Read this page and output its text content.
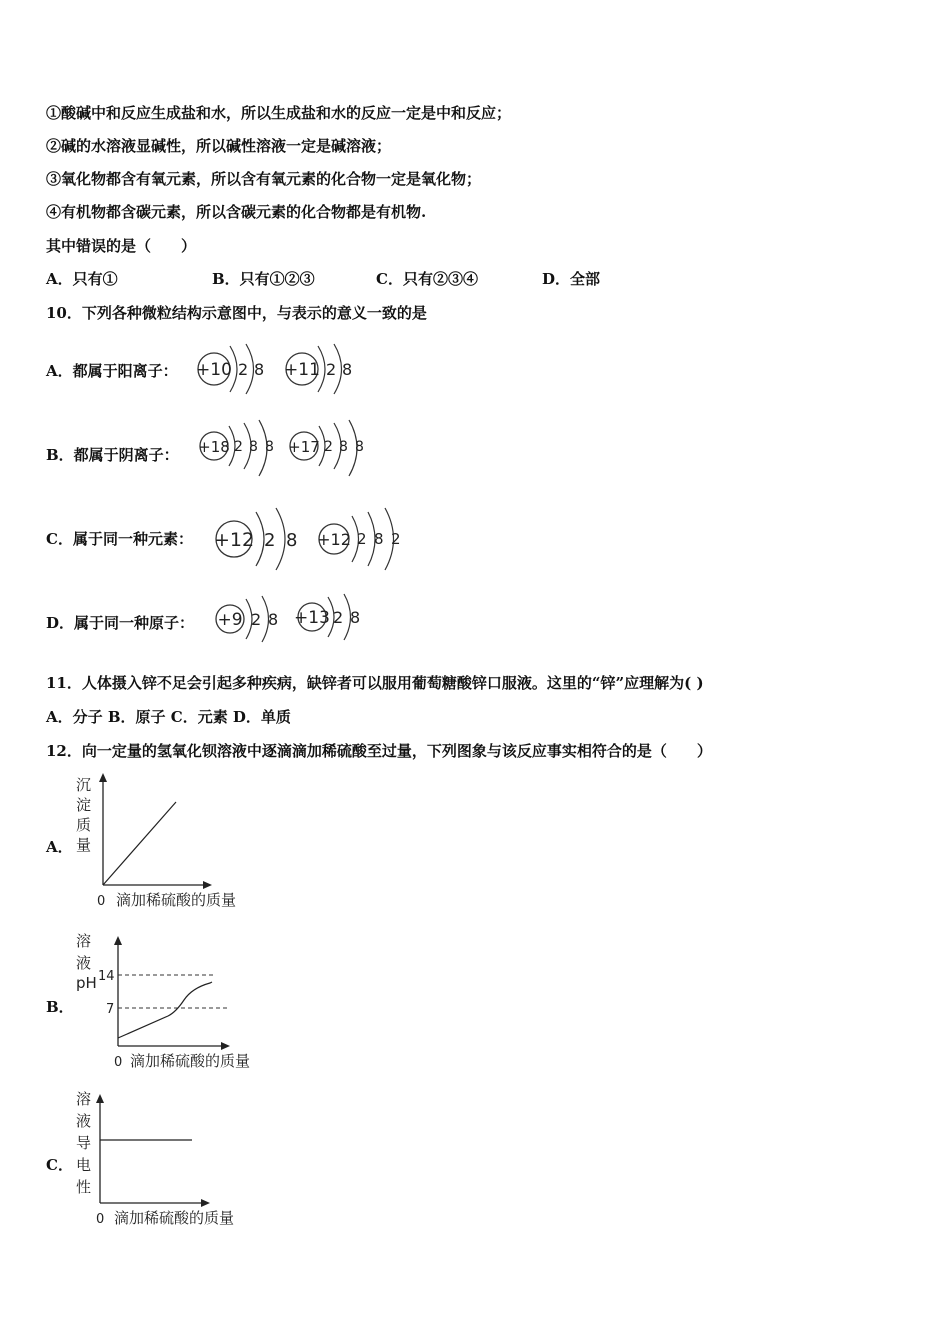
①酸碱中和反应生成盐和水，所以生成盐和水的反应一定是中和反应；
②碱的水溶液显碱性，所以碱性溶液一定是碱溶液；
③氧化物都含有氧元素，所以含有氧元素的化合物一定是氧化物；
④有机物都含碳元素，所以含碳元素的化合物都是有机物.
其中错误的是（　　）
A．只有①	B．只有①②③	C．只有②③④	D．全部
10．下列各种微粒结构示意图中，与表示的意义一致的是
A．都属于阳离子： +10 2 8 +11 2 8
B．都属于阴离子： +18 2 8 8 +17 2 8 8
C．属于同一种元素： +12 2 8 +12 2 8 2
D．属于同一种原子： +9 2 8 +13 2 8
11．人体摄入锌不足会引起多种疾病，缺锌者可以服用葡萄糖酸锌口服液。这里的“锌”应理解为( )
A．分子 B．原子 C．元素 D．单质
12．向一定量的氢氧化钡溶液中逐滴滴加稀硫酸至过量，下列图象与该反应事实相符合的是（　　）
A．
沉
淀
质
量
0 滴加稀硫酸的质量
B．
溶
液
pH 14
7
0 滴加稀硫酸的质量
C．
溶
液
导
电
性
0 滴加稀硫酸的质量
